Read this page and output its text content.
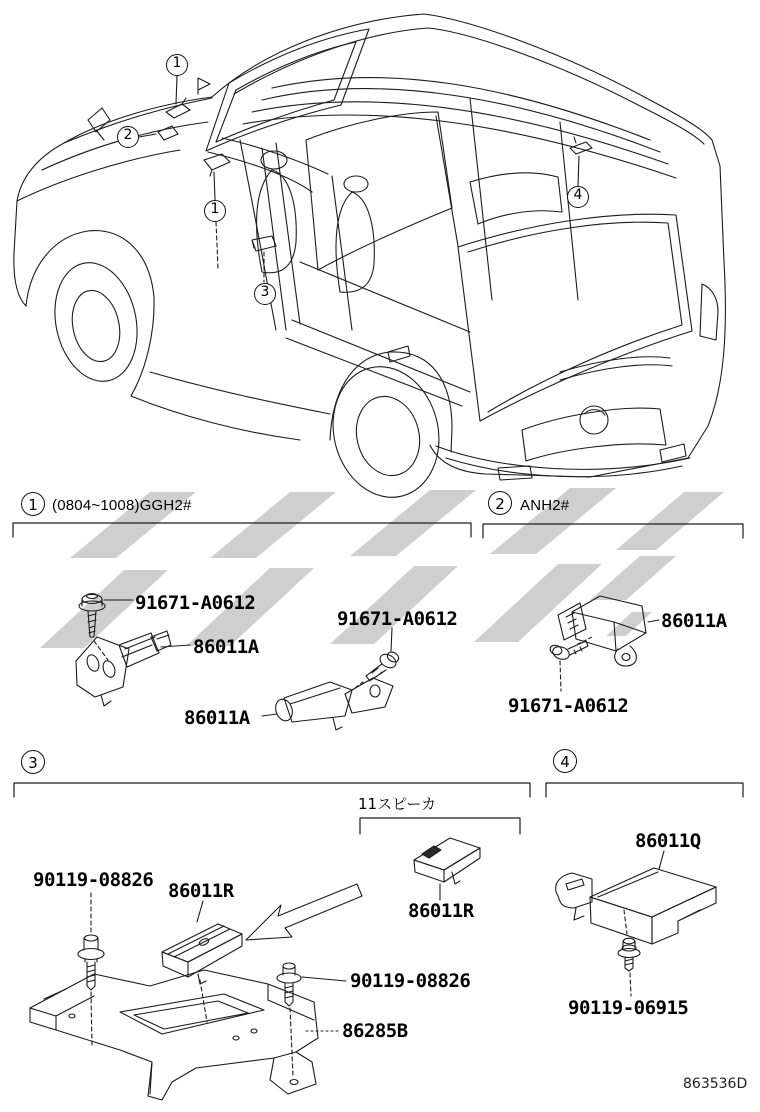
1
2
1
3
4
1 (0804~1008)GGH2#	2	ANH2#
3	4
91671-A0612
86011A
91671-A0612
86011A
86011A
91671-A0612
90119-08826 86011R
11スピーカ
86011R
90119-08826
86285B
86011Q
90119-06915
863536D
